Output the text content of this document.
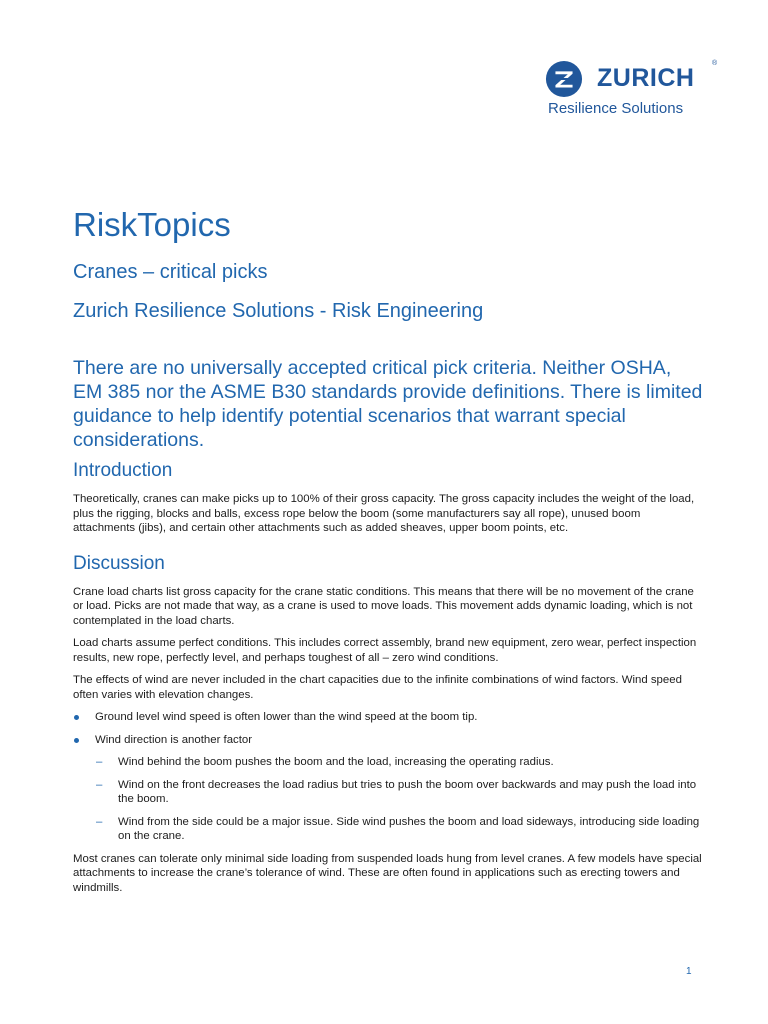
ZURICH
®
Resilience Solutions
RiskTopics
Cranes – critical picks
Zurich Resilience Solutions - Risk Engineering

There are no universally accepted critical pick criteria. Neither OSHA, EM 385 nor the ASME B30 standards provide definitions. There is limited guidance to help identify potential scenarios that warrant special considerations.

Introduction

Theoretically, cranes can make picks up to 100% of their gross capacity. The gross capacity includes the weight of the load, plus the rigging, blocks and balls, excess rope below the boom (some manufacturers say all rope), unused boom attachments (jibs), and certain other attachments such as added sheaves, upper boom points, etc.

Discussion

Crane load charts list gross capacity for the crane static conditions. This means that there will be no movement of the crane or load. Picks are not made that way, as a crane is used to move loads. This movement adds dynamic loading, which is not contemplated in the load charts.

Load charts assume perfect conditions. This includes correct assembly, brand new equipment, zero wear, perfect inspection results, new rope, perfectly level, and perhaps toughest of all – zero wind conditions.

The effects of wind are never included in the chart capacities due to the infinite combinations of wind factors. Wind speed often varies with elevation changes.

Ground level wind speed is often lower than the wind speed at the boom tip.
Wind direction is another factor
– Wind behind the boom pushes the boom and the load, increasing the operating radius.
– Wind on the front decreases the load radius but tries to push the boom over backwards and may push the load into the boom.
– Wind from the side could be a major issue. Side wind pushes the boom and load sideways, introducing side loading on the crane.

Most cranes can tolerate only minimal side loading from suspended loads hung from level cranes. A few models have special attachments to increase the crane’s tolerance of wind. These are often found in applications such as erecting towers and windmills.

1
